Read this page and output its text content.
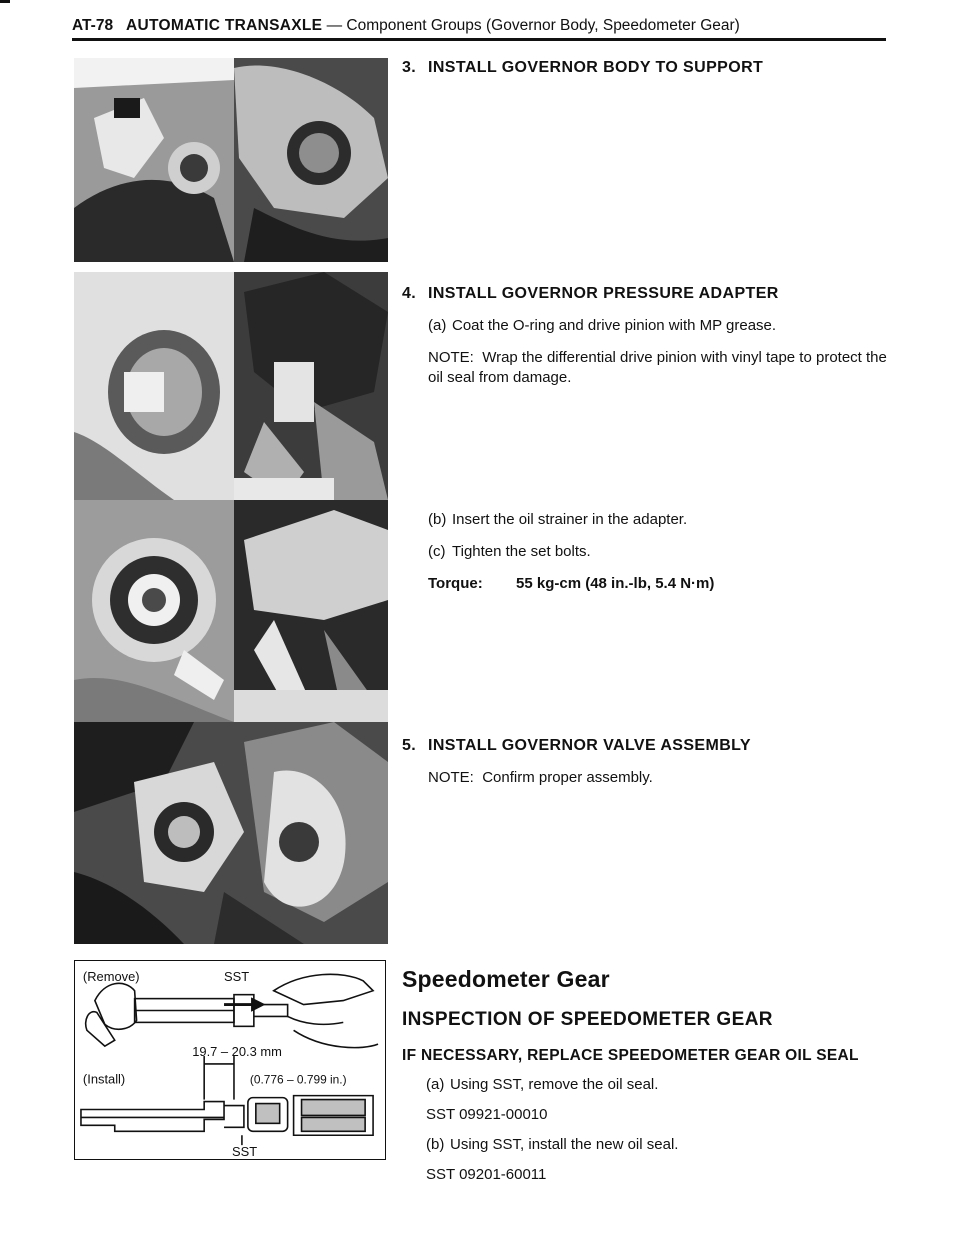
AT-78 AUTOMATIC TRANSAXLE — Component Groups (Governor Body, Speedometer Gear)
(Remove)	SST
19.7 – 20.3 mm
(Install)	(0.776 – 0.799 in.)
SST

3. INSTALL GOVERNOR BODY TO SUPPORT

4. INSTALL GOVERNOR PRESSURE ADAPTER

(a) Coat the O-ring and drive pinion with MP grease.

NOTE: Wrap the differential drive pinion with vinyl tape to protect the oil seal from damage.

(b) Insert the oil strainer in the adapter.

(c) Tighten the set bolts.

Torque: 55 kg-cm (48 in.-lb, 5.4 N·m)

5. INSTALL GOVERNOR VALVE ASSEMBLY

NOTE: Confirm proper assembly.

Speedometer Gear

INSPECTION OF SPEEDOMETER GEAR

IF NECESSARY, REPLACE SPEEDOMETER GEAR OIL SEAL

(a) Using SST, remove the oil seal.

SST 09921-00010

(b) Using SST, install the new oil seal.

SST 09201-60011
